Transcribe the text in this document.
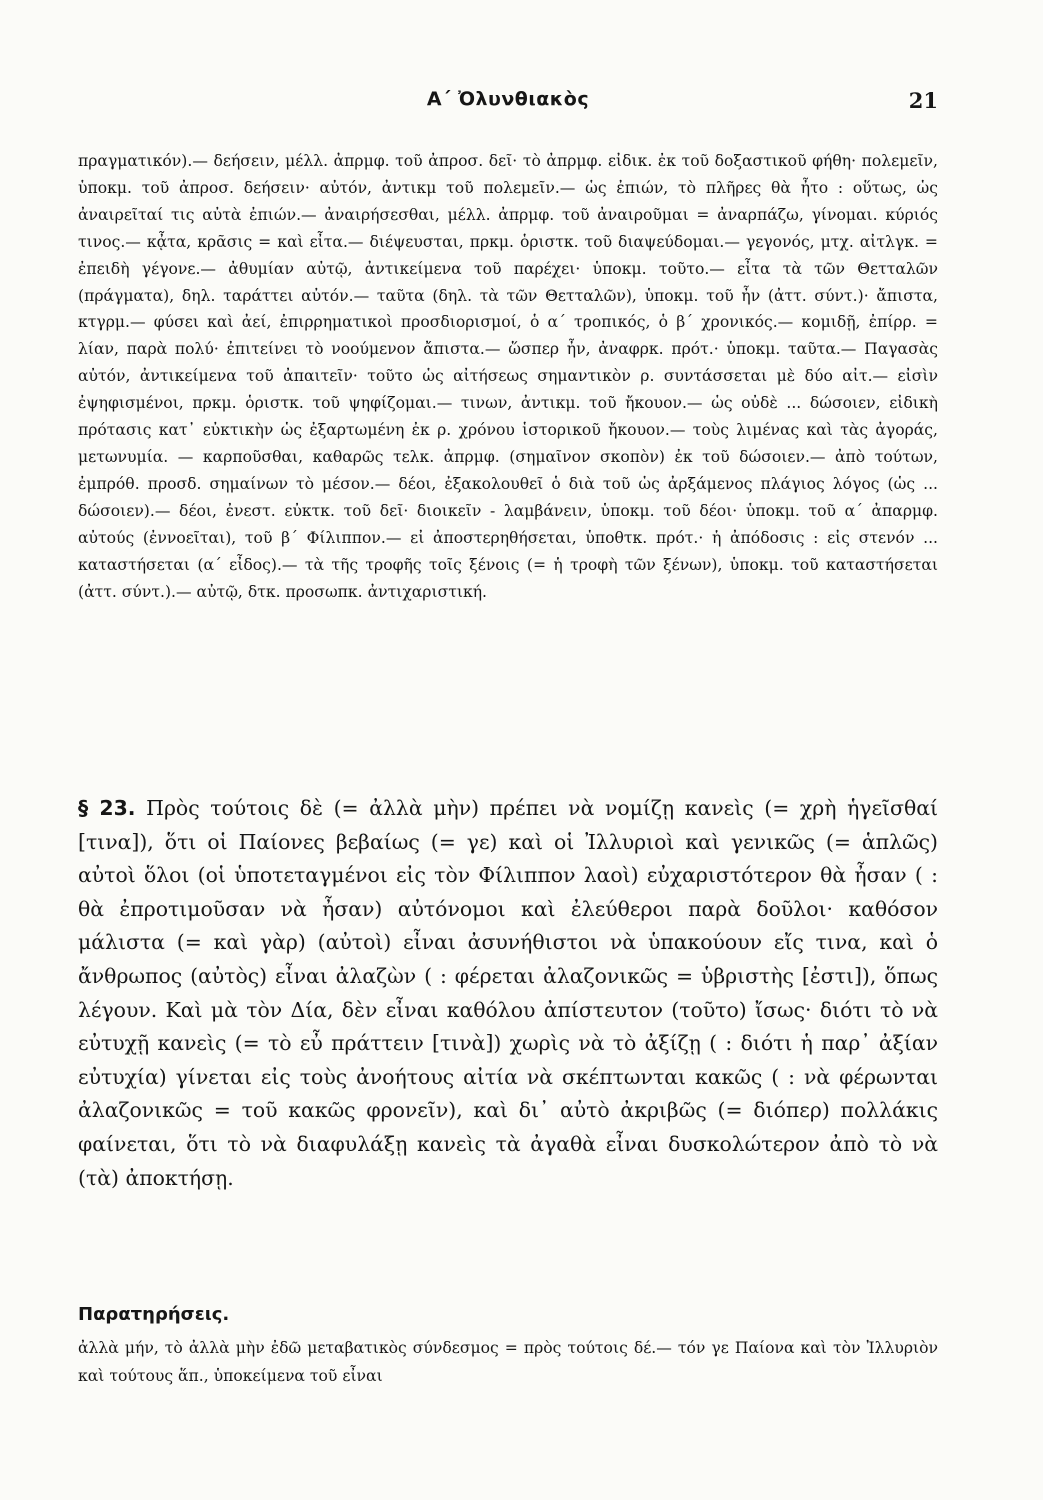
Α΄ Ὀλυνθιακὸς	21

πραγματικόν).— δεήσειν, μέλλ. ἀπρμφ. τοῦ ἀπροσ. δεῖ· τὸ ἀπρμφ. εἰδικ. ἐκ τοῦ δοξαστικοῦ φήθη· πολεμεῖν, ὑποκμ. τοῦ ἀπροσ. δεήσειν· αὐτόν, ἀντικμ τοῦ πολεμεῖν.— ὡς ἐπιών, τὸ πλῆρες θὰ ἦτο : οὕτως, ὡς ἀναιρεῖταί τις αὐτὰ ἐπιών.— ἀναιρήσεσθαι, μέλλ. ἀπρμφ. τοῦ ἀναιροῦμαι = ἀναρπάζω, γίνομαι. κύριός τινος.— κᾆτα, κρᾶσις = καὶ εἶτα.— διέψευσται, πρκμ. ὁριστκ. τοῦ διαψεύδομαι.— γεγονός, μτχ. αἰτλγκ. = ἐπειδὴ γέγονε.— ἀθυμίαν αὐτῷ, ἀντικείμενα τοῦ παρέχει· ὑποκμ. τοῦτο.— εἶτα τὰ τῶν Θετταλῶν (πράγματα), δηλ. ταράττει αὐτόν.— ταῦτα (δηλ. τὰ τῶν Θετταλῶν), ὑποκμ. τοῦ ἦν (ἀττ. σύντ.)· ἄπιστα, κτγρμ.— φύσει καὶ ἀεί, ἐπιρρηματικοὶ προσδιορισμοί, ὁ α΄ τροπικός, ὁ β΄ χρονικός.— κομιδῇ, ἐπίρρ. = λίαν, παρὰ πολύ· ἐπιτείνει τὸ νοούμενον ἄπιστα.— ὥσπερ ἦν, ἀναφρκ. πρότ.· ὑποκμ. ταῦτα.— Παγασὰς αὐτόν, ἀντικείμενα τοῦ ἀπαιτεῖν· τοῦτο ὡς αἰτήσεως σημαντικὸν ρ. συντάσσεται μὲ δύο αἰτ.— εἰσὶν ἐψηφισμένοι, πρκμ. ὁριστκ. τοῦ ψηφίζομαι.— τινων, ἀντικμ. τοῦ ἤκουον.— ὡς οὐδὲ ... δώσοιεν, εἰδικὴ πρότασις κατ᾽ εὐκτικὴν ὡς ἐξαρτωμένη ἐκ ρ. χρόνου ἱστορικοῦ ἤκουον.— τοὺς λιμένας καὶ τὰς ἀγοράς, μετωνυμία. — καρποῦσθαι, καθαρῶς τελκ. ἀπρμφ. (σημαῖνον σκοπὸν) ἐκ τοῦ δώσοιεν.— ἀπὸ τούτων, ἐμπρόθ. προσδ. σημαίνων τὸ μέσον.— δέοι, ἐξακολουθεῖ ὁ διὰ τοῦ ὡς ἀρξάμενος πλάγιος λόγος (ὡς ... δώσοιεν).— δέοι, ἐνεστ. εὐκτκ. τοῦ δεῖ· διοικεῖν - λαμβάνειν, ὑποκμ. τοῦ δέοι· ὑποκμ. τοῦ α΄ ἀπαρμφ. αὐτούς (ἐννοεῖται), τοῦ β΄ Φίλιππον.— εἰ ἀποστερηθήσεται, ὑποθτκ. πρότ.· ἡ ἀπόδοσις : εἰς στενόν ... καταστήσεται (α΄ εἶδος).— τὰ τῆς τροφῆς τοῖς ξένοις (= ἡ τροφὴ τῶν ξένων), ὑποκμ. τοῦ καταστήσεται (ἀττ. σύντ.).— αὐτῷ, δτκ. προσωπκ. ἀντιχαριστική.

§ 23. Πρὸς τούτοις δὲ (= ἀλλὰ μὴν) πρέπει νὰ νομίζῃ κανεὶς (= χρὴ ἡγεῖσθαί [τινα]), ὅτι οἱ Παίονες βεβαίως (= γε) καὶ οἱ Ἰλλυριοὶ καὶ γενικῶς (= ἁπλῶς) αὐτοὶ ὅλοι (οἱ ὑποτεταγμένοι εἰς τὸν Φίλιππον λαοὶ) εὐχαριστότερον θὰ ἦσαν ( : θὰ ἐπροτιμοῦσαν νὰ ἦσαν) αὐτόνομοι καὶ ἐλεύθεροι παρὰ δοῦλοι· καθόσον μάλιστα (= καὶ γὰρ) (αὐτοὶ) εἶναι ἀσυνήθιστοι νὰ ὑπακούουν εἴς τινα, καὶ ὁ ἄνθρωπος (αὐτὸς) εἶναι ἀλαζὼν ( : φέρεται ἀλαζονικῶς = ὑβριστὴς [ἐστι]), ὅπως λέγουν. Καὶ μὰ τὸν Δία, δὲν εἶναι καθόλου ἀπίστευτον (τοῦτο) ἴσως· διότι τὸ νὰ εὐτυχῇ κανεὶς (= τὸ εὖ πράττειν [τινὰ]) χωρὶς νὰ τὸ ἀξίζῃ ( : διότι ἡ παρ᾽ ἀξίαν εὐτυχία) γίνεται εἰς τοὺς ἀνοήτους αἰτία νὰ σκέπτωνται κακῶς ( : νὰ φέρωνται ἀλαζονικῶς = τοῦ κακῶς φρονεῖν), καὶ δι᾽ αὐτὸ ἀκριβῶς (= διόπερ) πολλάκις φαίνεται, ὅτι τὸ νὰ διαφυλάξῃ κανεὶς τὰ ἀγαθὰ εἶναι δυσκολώτερον ἀπὸ τὸ νὰ (τὰ) ἀποκτήσῃ.

Παρατηρήσεις.

ἀλλὰ μήν, τὸ ἀλλὰ μὴν ἐδῶ μεταβατικὸς σύνδεσμος = πρὸς τούτοις δέ.— τόν γε Παίονα καὶ τὸν Ἰλλυριὸν καὶ τούτους ἅπ., ὑποκείμενα τοῦ εἶναι
